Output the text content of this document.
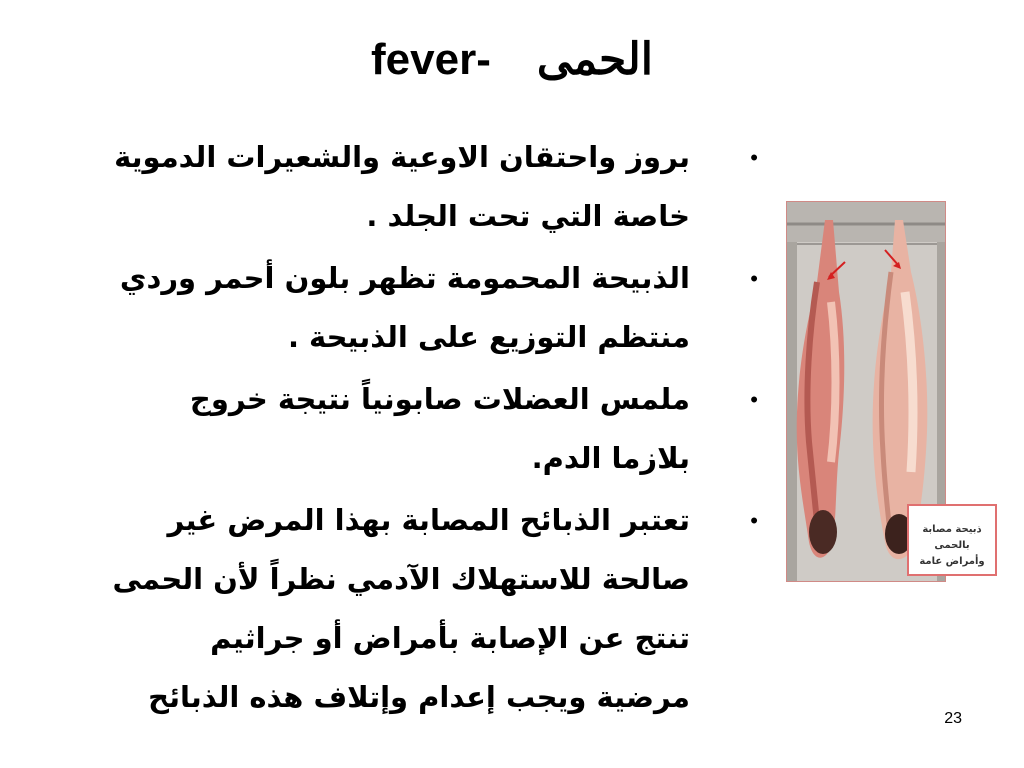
fever- الحمى
•
بروز واحتقان الاوعية والشعيرات الدموية
خاصة التي تحت الجلد .
•
الذبيحة المحمومة تظهر بلون أحمر وردي
منتظم التوزيع على الذبيحة .
•
ملمس العضلات صابونياً نتيجة خروج
بلازما الدم.
•
تعتبر الذبائح المصابة بهذا المرض غير
صالحة للاستهلاك الآدمي نظراً لأن الحمى
تنتج عن الإصابة بأمراض أو جراثيم
مرضية ويجب إعدام وإتلاف هذه الذبائح
ذبيحة مصابة بالحمى
وأمراض عامة
23
